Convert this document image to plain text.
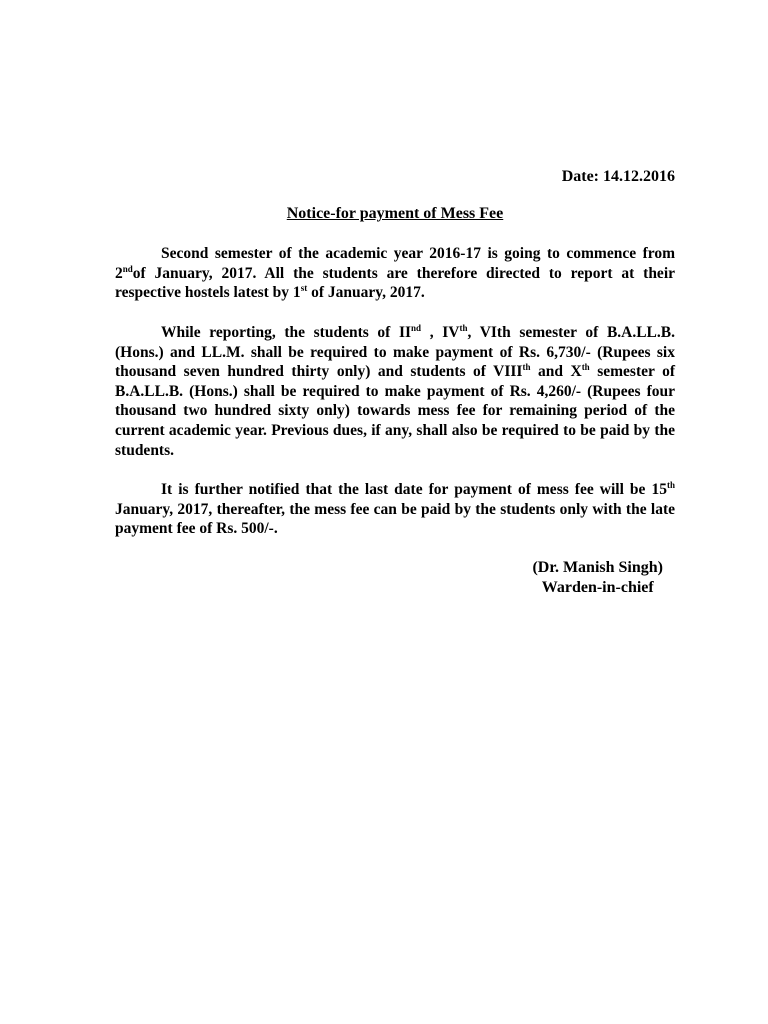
Date: 14.12.2016
Notice-for payment of Mess Fee

Second semester of the academic year 2016-17 is going to commence from 2ndof January, 2017. All the students are therefore directed to report at their respective hostels latest by 1st of January, 2017.

While reporting, the students of IInd , IVth, VIth semester of B.A.LL.B. (Hons.) and LL.M. shall be required to make payment of Rs. 6,730/- (Rupees six thousand seven hundred thirty only) and students of VIIIth and Xth semester of B.A.LL.B. (Hons.) shall be required to make payment of Rs. 4,260/- (Rupees four thousand two hundred sixty only) towards mess fee for remaining period of the current academic year. Previous dues, if any, shall also be required to be paid by the students.

It is further notified that the last date for payment of mess fee will be 15th January, 2017, thereafter, the mess fee can be paid by the students only with the late payment fee of Rs. 500/-.

(Dr. Manish Singh)
Warden-in-chief
